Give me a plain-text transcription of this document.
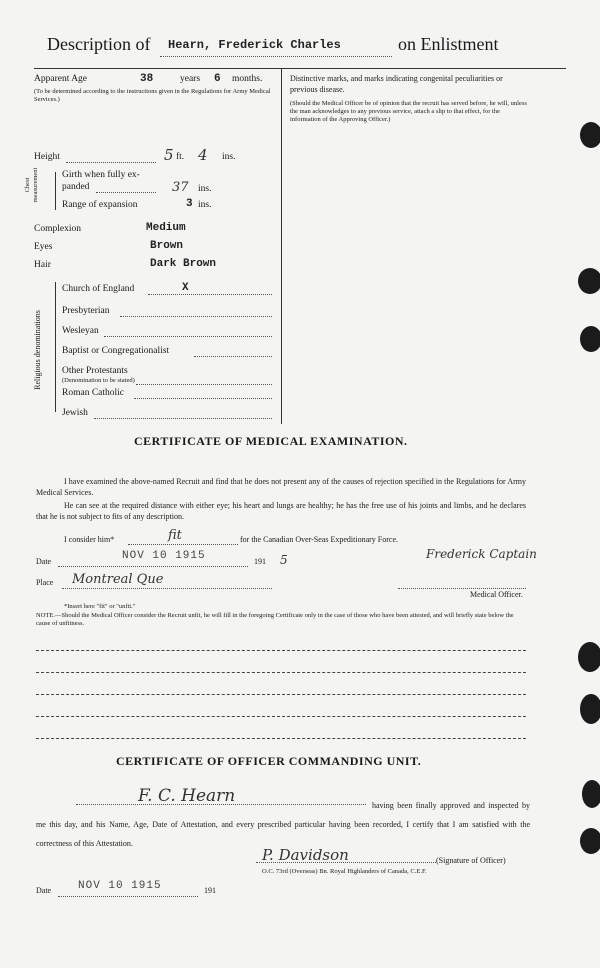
Description of Hearn, Frederick Charles	on Enlistment
Apparent Age	38	years 6 months.
(To be determined according to the instructions given in the Regulations for Army Medical Services.)
Height	5 ft. 4 ins.
Chest measurement Girth when fully ex-
panded	37 ins.
Range of expansion	3 ins.
Complexion	Medium
Eyes	Brown
Hair	Dark Brown
Religious denominations
Church of England	X
Presbyterian
Wesleyan
Baptist or Congregationalist
Other Protestants
(Denomination to be stated)
Roman Catholic
Jewish
Distinctive marks, and marks indicating congenital peculiarities or previous disease.
(Should the Medical Officer be of opinion that the recruit has served before, he will, unless the man acknowledges to any previous service, attach a slip to that effect, for the information of the Approving Officer.)
CERTIFICATE OF MEDICAL EXAMINATION.
I have examined the above-named Recruit and find that he does not present any of the causes of rejection specified in the Regulations for Army Medical Services.
He can see at the required distance with either eye; his heart and lungs are healthy; he has the free use of his joints and limbs, and he declares that he is not subject to fits of any description.
I consider him*	fit	for the Canadian Over-Seas Expeditionary Force.
Date	NOV 10 1915	191 5	Frederick Captain
Place Montreal Que
Medical Officer.
*Insert here "fit" or "unfit."
NOTE.—Should the Medical Officer consider the Recruit unfit, he will fill in the foregoing Certificate only in the case of those who have been attested, and will briefly state below the cause of unfitness.
CERTIFICATE OF OFFICER COMMANDING UNIT.
F. C. Hearn	having been finally approved and inspected by me this day, and his Name, Age, Date of Attestation, and every prescribed particular having been recorded, I certify that I am satisfied with the correctness of this Attestation.
P. Davidson	(Signature of Officer)
O.C. 73rd (Overseas) Bn. Royal Highlanders of Canada, C.E.F.
Date NOV 10 1915	191
